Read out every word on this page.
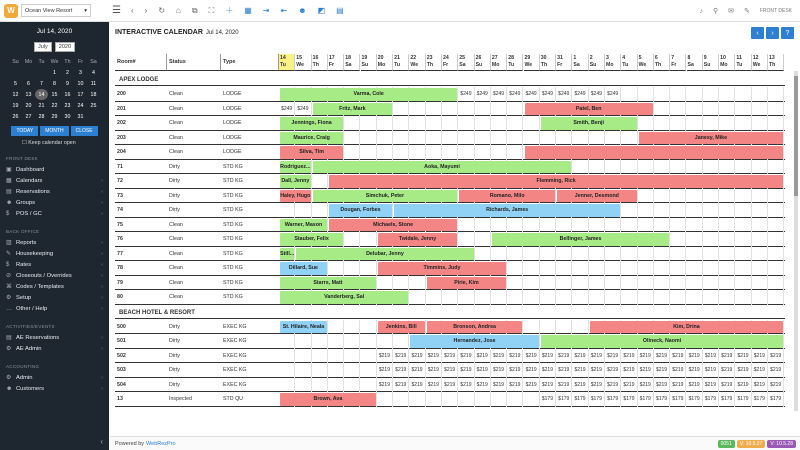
W	Ocean View Resort ▾	☰ ‹ › ↻ ⌂ ⧉ ⛶ ＋ ▦ ⇥ ⇤ ☻ ◩ ▤	♪ ⚲ ✉ ✎ FRONT DESK
Jul 14, 2020
July	2020
Su	Mo	Tu	We	Th	Fr	Sa
			1	2	3	4
5	6	7	8	9	10	11
12	13	14	15	16	17	18
19	20	21	22	23	24	25
26	27	28	29	30	31	
TODAY	MONTH	CLOSE
☐ Keep calendar open
FRONT DESK
▣ Dashboard
▦ Calendars	‹
▤ Reservations	‹
☻ Groups	‹
$	POS / GC	‹
BACK OFFICE
▥ Reports	‹
✎ Housekeeping	‹
$	Rates	‹
⊘ Closeouts / Overrides	‹
⌘ Codes / Templates	‹
⚙ Setup	‹
… Other / Help	‹
ACTIVITIES/EVENTS
▤ AE Reservations	‹
⚙ AE Admin	‹
ACCOUNTING
⚙ Admin	‹
☻ Customers	‹
‹
INTERACTIVE CALENDAR Jul 14, 2020	‹	›	?
Room#	Status	Type
14
Tu
15
We
16
Th
17
Fr
18
Sa
19
Su
20
Mo
21
Tu
22
We
23
Th
24
Fr
25
Sa
26
Su
27
Mo
28
Tu
29
We
30
Th
31
Fr
1
Sa
2
Su
3
Mo
4
Tu
5
We
6
Th
7
Fr
8
Sa
9
Su
10
Mo
11
Tu
12
We
13
Th
APEX LODGE
200	Clean	LODGE	$249	$249	$249	$249	$249	$249	$249	$249	$249	$249
Varma, Cole
201	Clean	LODGE	$249	$249	Fritz, Mark	Patel, Ben
202	Clean	LODGE	Jennings, Fiona	Smith, Benji
203	Clean	LODGE	Maurice, Craig	Janesy, Mike
204	Clean	LODGE	Silva, Tim
71	Dirty	STD KG	Rodriguez...	Aoka, Mayumi
72	Dirty	STD KG	Dall, Jenny	Flemming, Rick
73	Dirty	STD KG	Haley, Hugo	Simchuk, Peter	Romano, Milo	Jenner, Desmond
74	Dirty	STD KG	Dougan, Forbes	Richards, James
75	Clean	STD KG	Warner, Mason	Michaels, Stone
76	Clean	STD KG	Stauber, Felix	Twidale, Jenny	Bellinger, James
77	Clean	STD KG	Still...	Delubar, Jenny
78	Clean	STD KG	Dillard, Sue	Timmins, Judy
79	Clean	STD KG	Starrs, Matt	Pirie, Kim
80	Clean	STD KG	Vanderberg, Sal
BEACH HOTEL & RESORT
500	Dirty	EXEC KG	St. Hilaire, Neala	Jenkins, Bill	Bronson, Andrea	Kim, Drina
501	Dirty	EXEC KG	Hernandez, Jose	Olineck, Naomi
502	Dirty	EXEC KG	$219	$219	$219	$219	$219	$219	$219	$219	$219	$219	$219	$219	$219	$219	$219	$219	$219	$219	$219	$219	$219	$219	$219	$219	$219
503	Dirty	EXEC KG	$219	$219	$219	$219	$219	$219	$219	$219	$219	$219	$219	$219	$219	$219	$219	$219	$219	$219	$219	$219	$219	$219	$219	$219	$219
504	Dirty	EXEC KG	$219	$219	$219	$219	$219	$219	$219	$219	$219	$219	$219	$219	$219	$219	$219	$219	$219	$219	$219	$219	$219	$219	$219	$219	$219
13	Inspected	STD QU	$179	$179	$179	$179	$179	$179	$179	$179	$179	$179	$179	$179	$179	$179	$179
Brown, Ava
Powered by WebRezPro	0051	V: 10.5.27	V: 10.5.28
